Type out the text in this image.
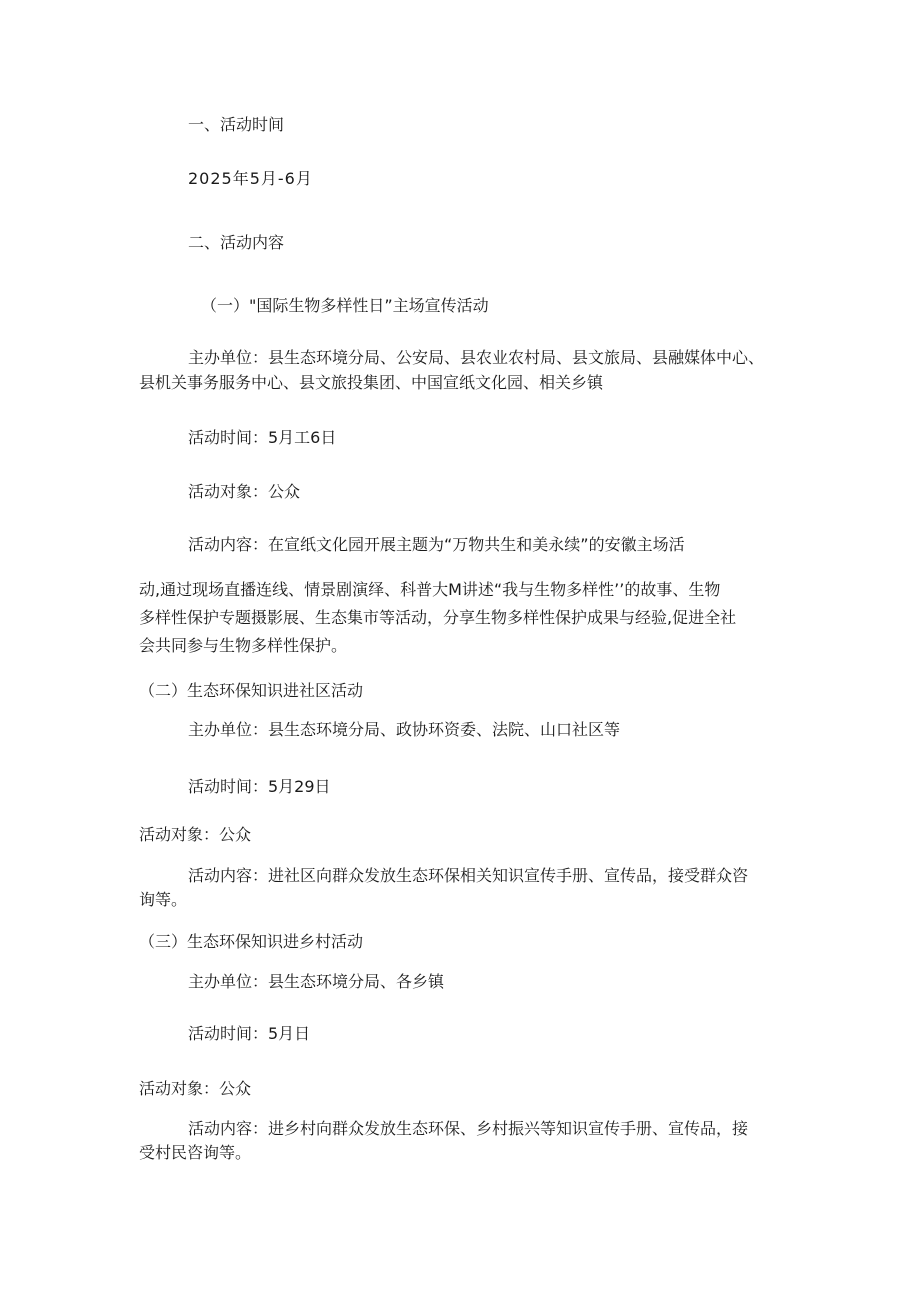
一、活动时间

2025年5月-6月

二、活动内容

（一）"国际生物多样性日”主场宣传活动

主办单位：县生态环境分局、公安局、县农业农村局、县文旅局、县融媒体中心、

县机关事务服务中心、县文旅投集团、中国宣纸文化园、相关乡镇

活动时间：5月工6日

活动对象：公众

活动内容：在宣纸文化园开展主题为“万物共生和美永续”的安徽主场活

动,通过现场直播连线、情景剧演绎、科普大M讲述“我与生物多样性’’的故事、生物

多样性保护专题摄影展、生态集市等活动，分享生物多样性保护成果与经验,促进全社

会共同参与生物多样性保护。

（二）生态环保知识进社区活动

主办单位：县生态环境分局、政协环资委、法院、山口社区等

活动时间：5月29日

活动对象：公众

活动内容：进社区向群众发放生态环保相关知识宣传手册、宣传品，接受群众咨

询等。

（三）生态环保知识进乡村活动

主办单位：县生态环境分局、各乡镇

活动时间：5月日

活动对象：公众

活动内容：进乡村向群众发放生态环保、乡村振兴等知识宣传手册、宣传品，接

受村民咨询等。
